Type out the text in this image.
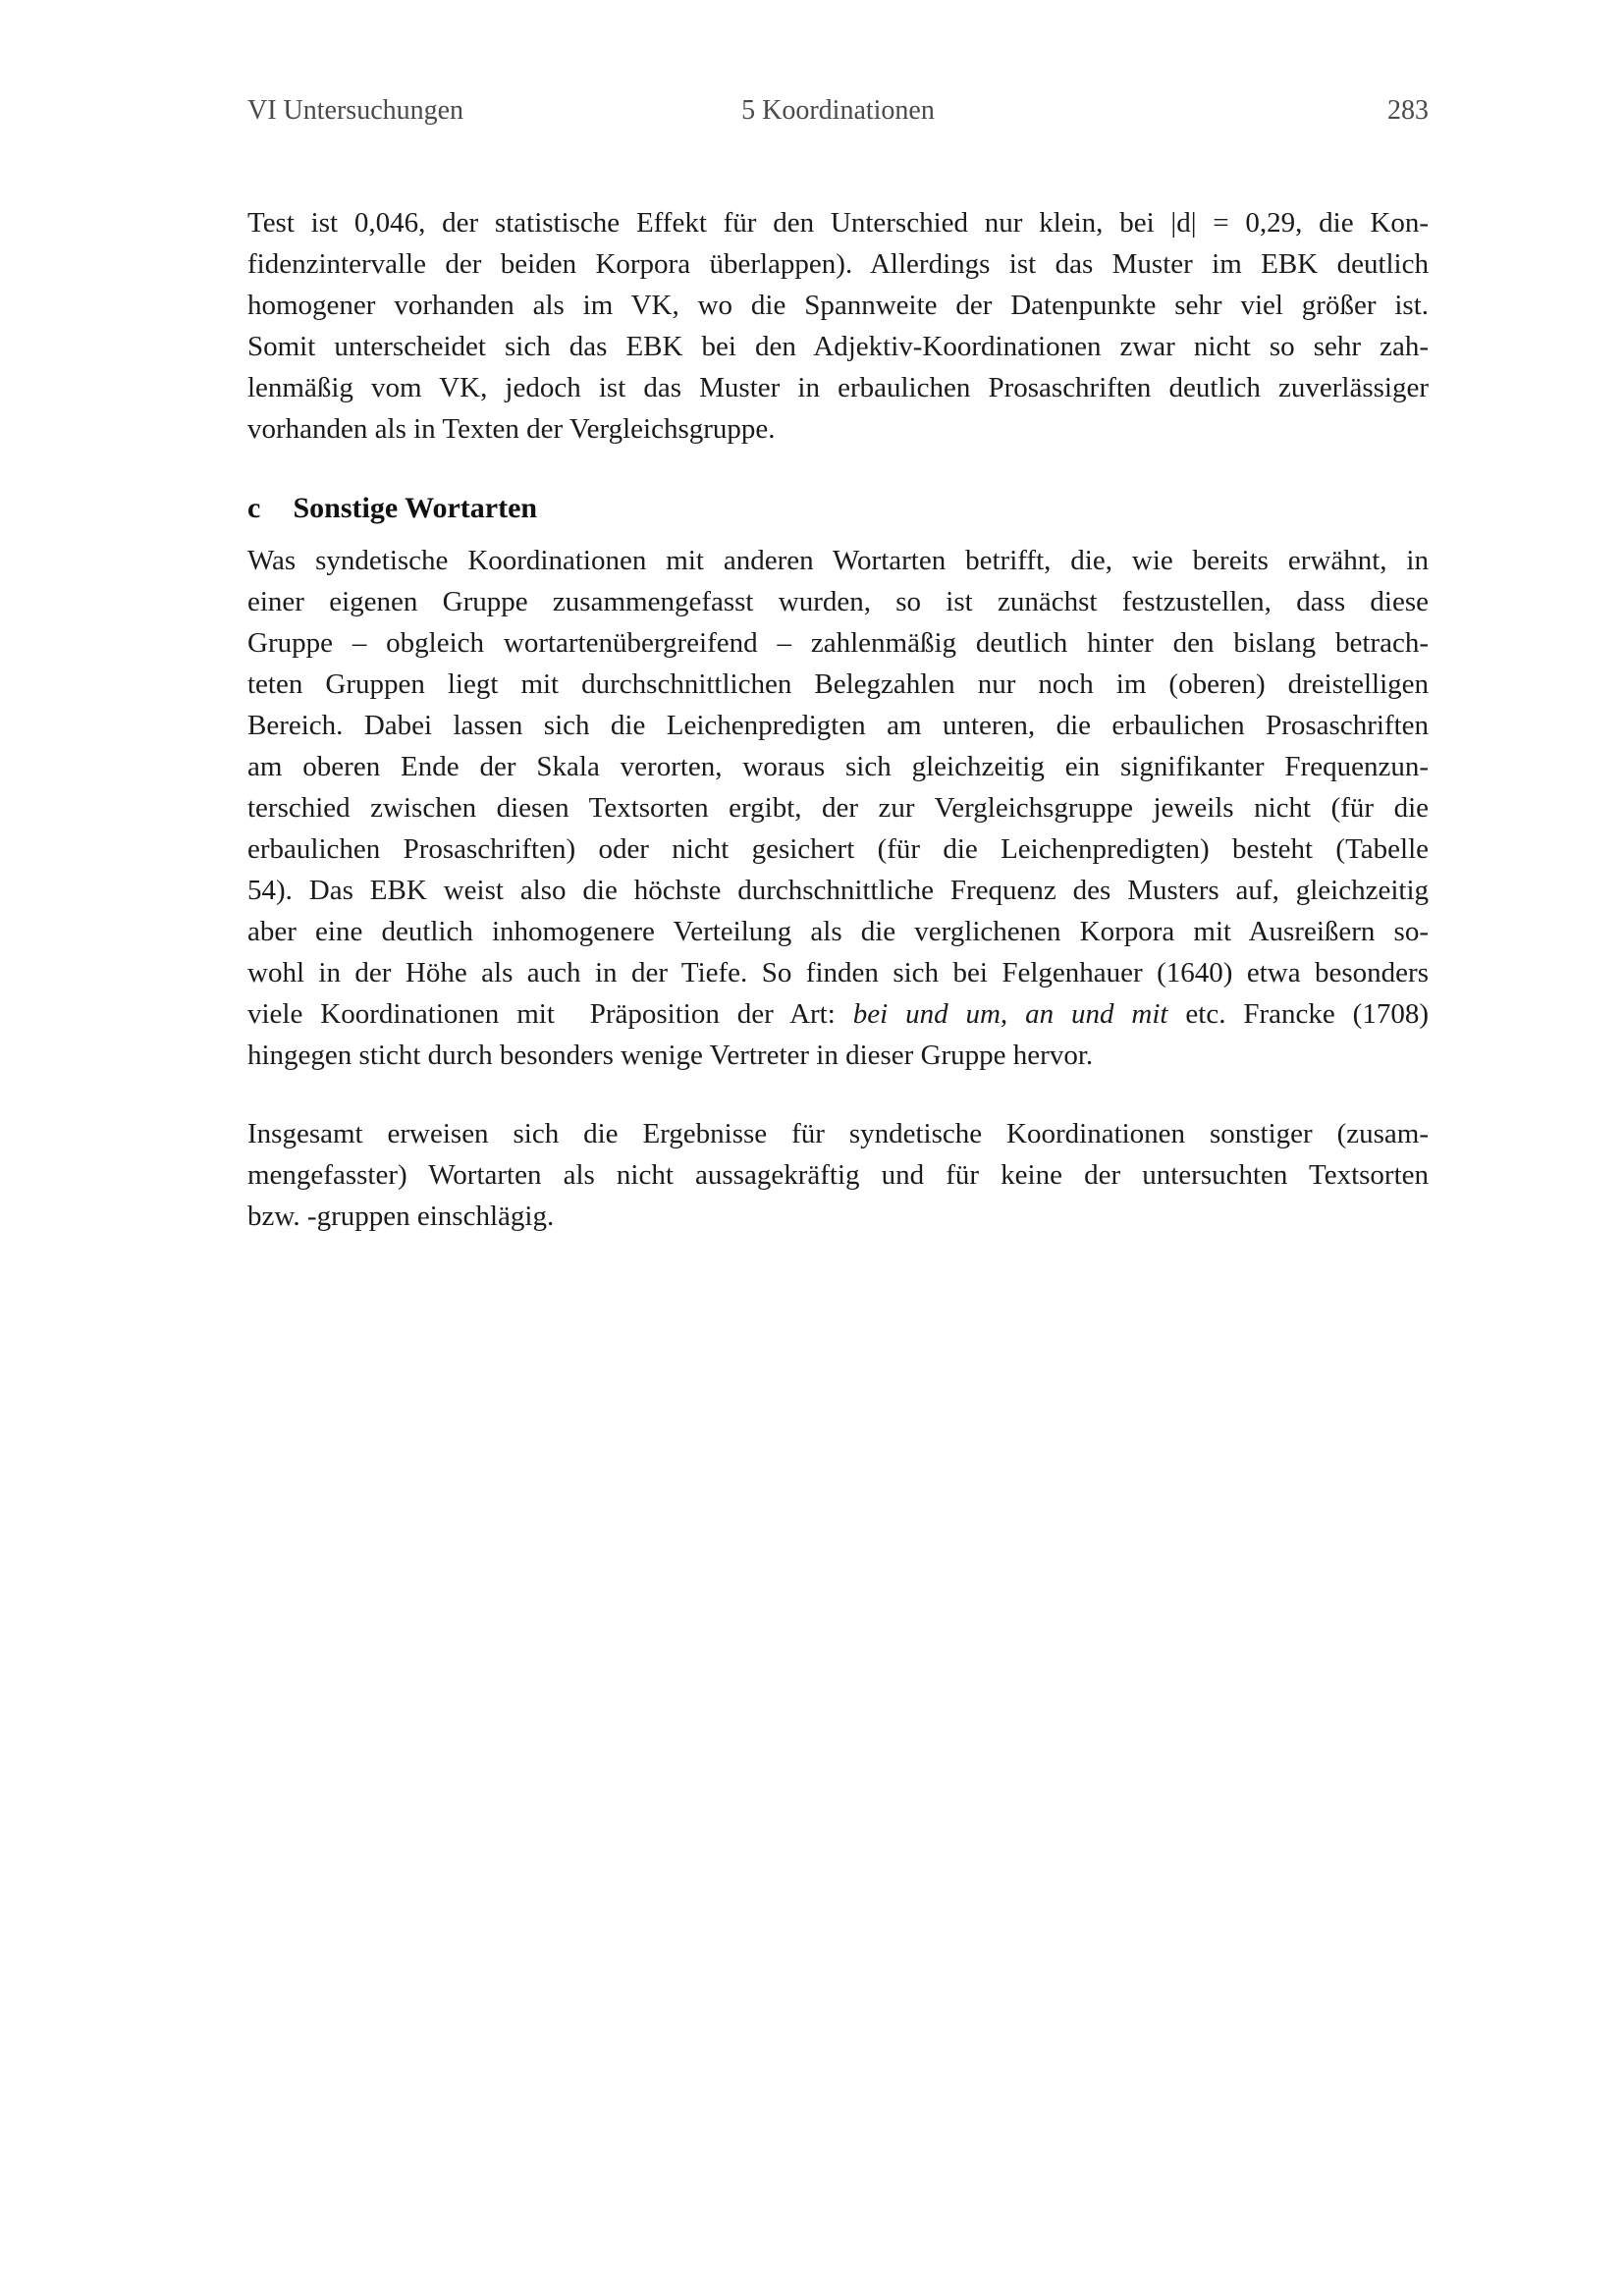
VI Untersuchungen	5 Koordinationen	283
Test ist 0,046, der statistische Effekt für den Unterschied nur klein, bei |d| = 0,29, die Kon-
fidenzintervalle der beiden Korpora überlappen). Allerdings ist das Muster im EBK deutlich
homogener vorhanden als im VK, wo die Spannweite der Datenpunkte sehr viel größer ist.
Somit unterscheidet sich das EBK bei den Adjektiv-Koordinationen zwar nicht so sehr zah-
lenmäßig vom VK, jedoch ist das Muster in erbaulichen Prosaschriften deutlich zuverlässiger
vorhanden als in Texten der Vergleichsgruppe.
c Sonstige Wortarten
Was syndetische Koordinationen mit anderen Wortarten betrifft, die, wie bereits erwähnt, in
einer eigenen Gruppe zusammengefasst wurden, so ist zunächst festzustellen, dass diese
Gruppe – obgleich wortartenübergreifend – zahlenmäßig deutlich hinter den bislang betrach-
teten Gruppen liegt mit durchschnittlichen Belegzahlen nur noch im (oberen) dreistelligen
Bereich. Dabei lassen sich die Leichenpredigten am unteren, die erbaulichen Prosaschriften
am oberen Ende der Skala verorten, woraus sich gleichzeitig ein signifikanter Frequenzun-
terschied zwischen diesen Textsorten ergibt, der zur Vergleichsgruppe jeweils nicht (für die
erbaulichen Prosaschriften) oder nicht gesichert (für die Leichenpredigten) besteht (Tabelle
54). Das EBK weist also die höchste durchschnittliche Frequenz des Musters auf, gleichzeitig
aber eine deutlich inhomogenere Verteilung als die verglichenen Korpora mit Ausreißern so-
wohl in der Höhe als auch in der Tiefe. So finden sich bei Felgenhauer (1640) etwa besonders
viele Koordinationen mit  Präposition der Art: bei und um, an und mit etc. Francke (1708)
hingegen sticht durch besonders wenige Vertreter in dieser Gruppe hervor.
Insgesamt erweisen sich die Ergebnisse für syndetische Koordinationen sonstiger (zusam-
mengefasster) Wortarten als nicht aussagekräftig und für keine der untersuchten Textsorten
bzw. -gruppen einschlägig.
